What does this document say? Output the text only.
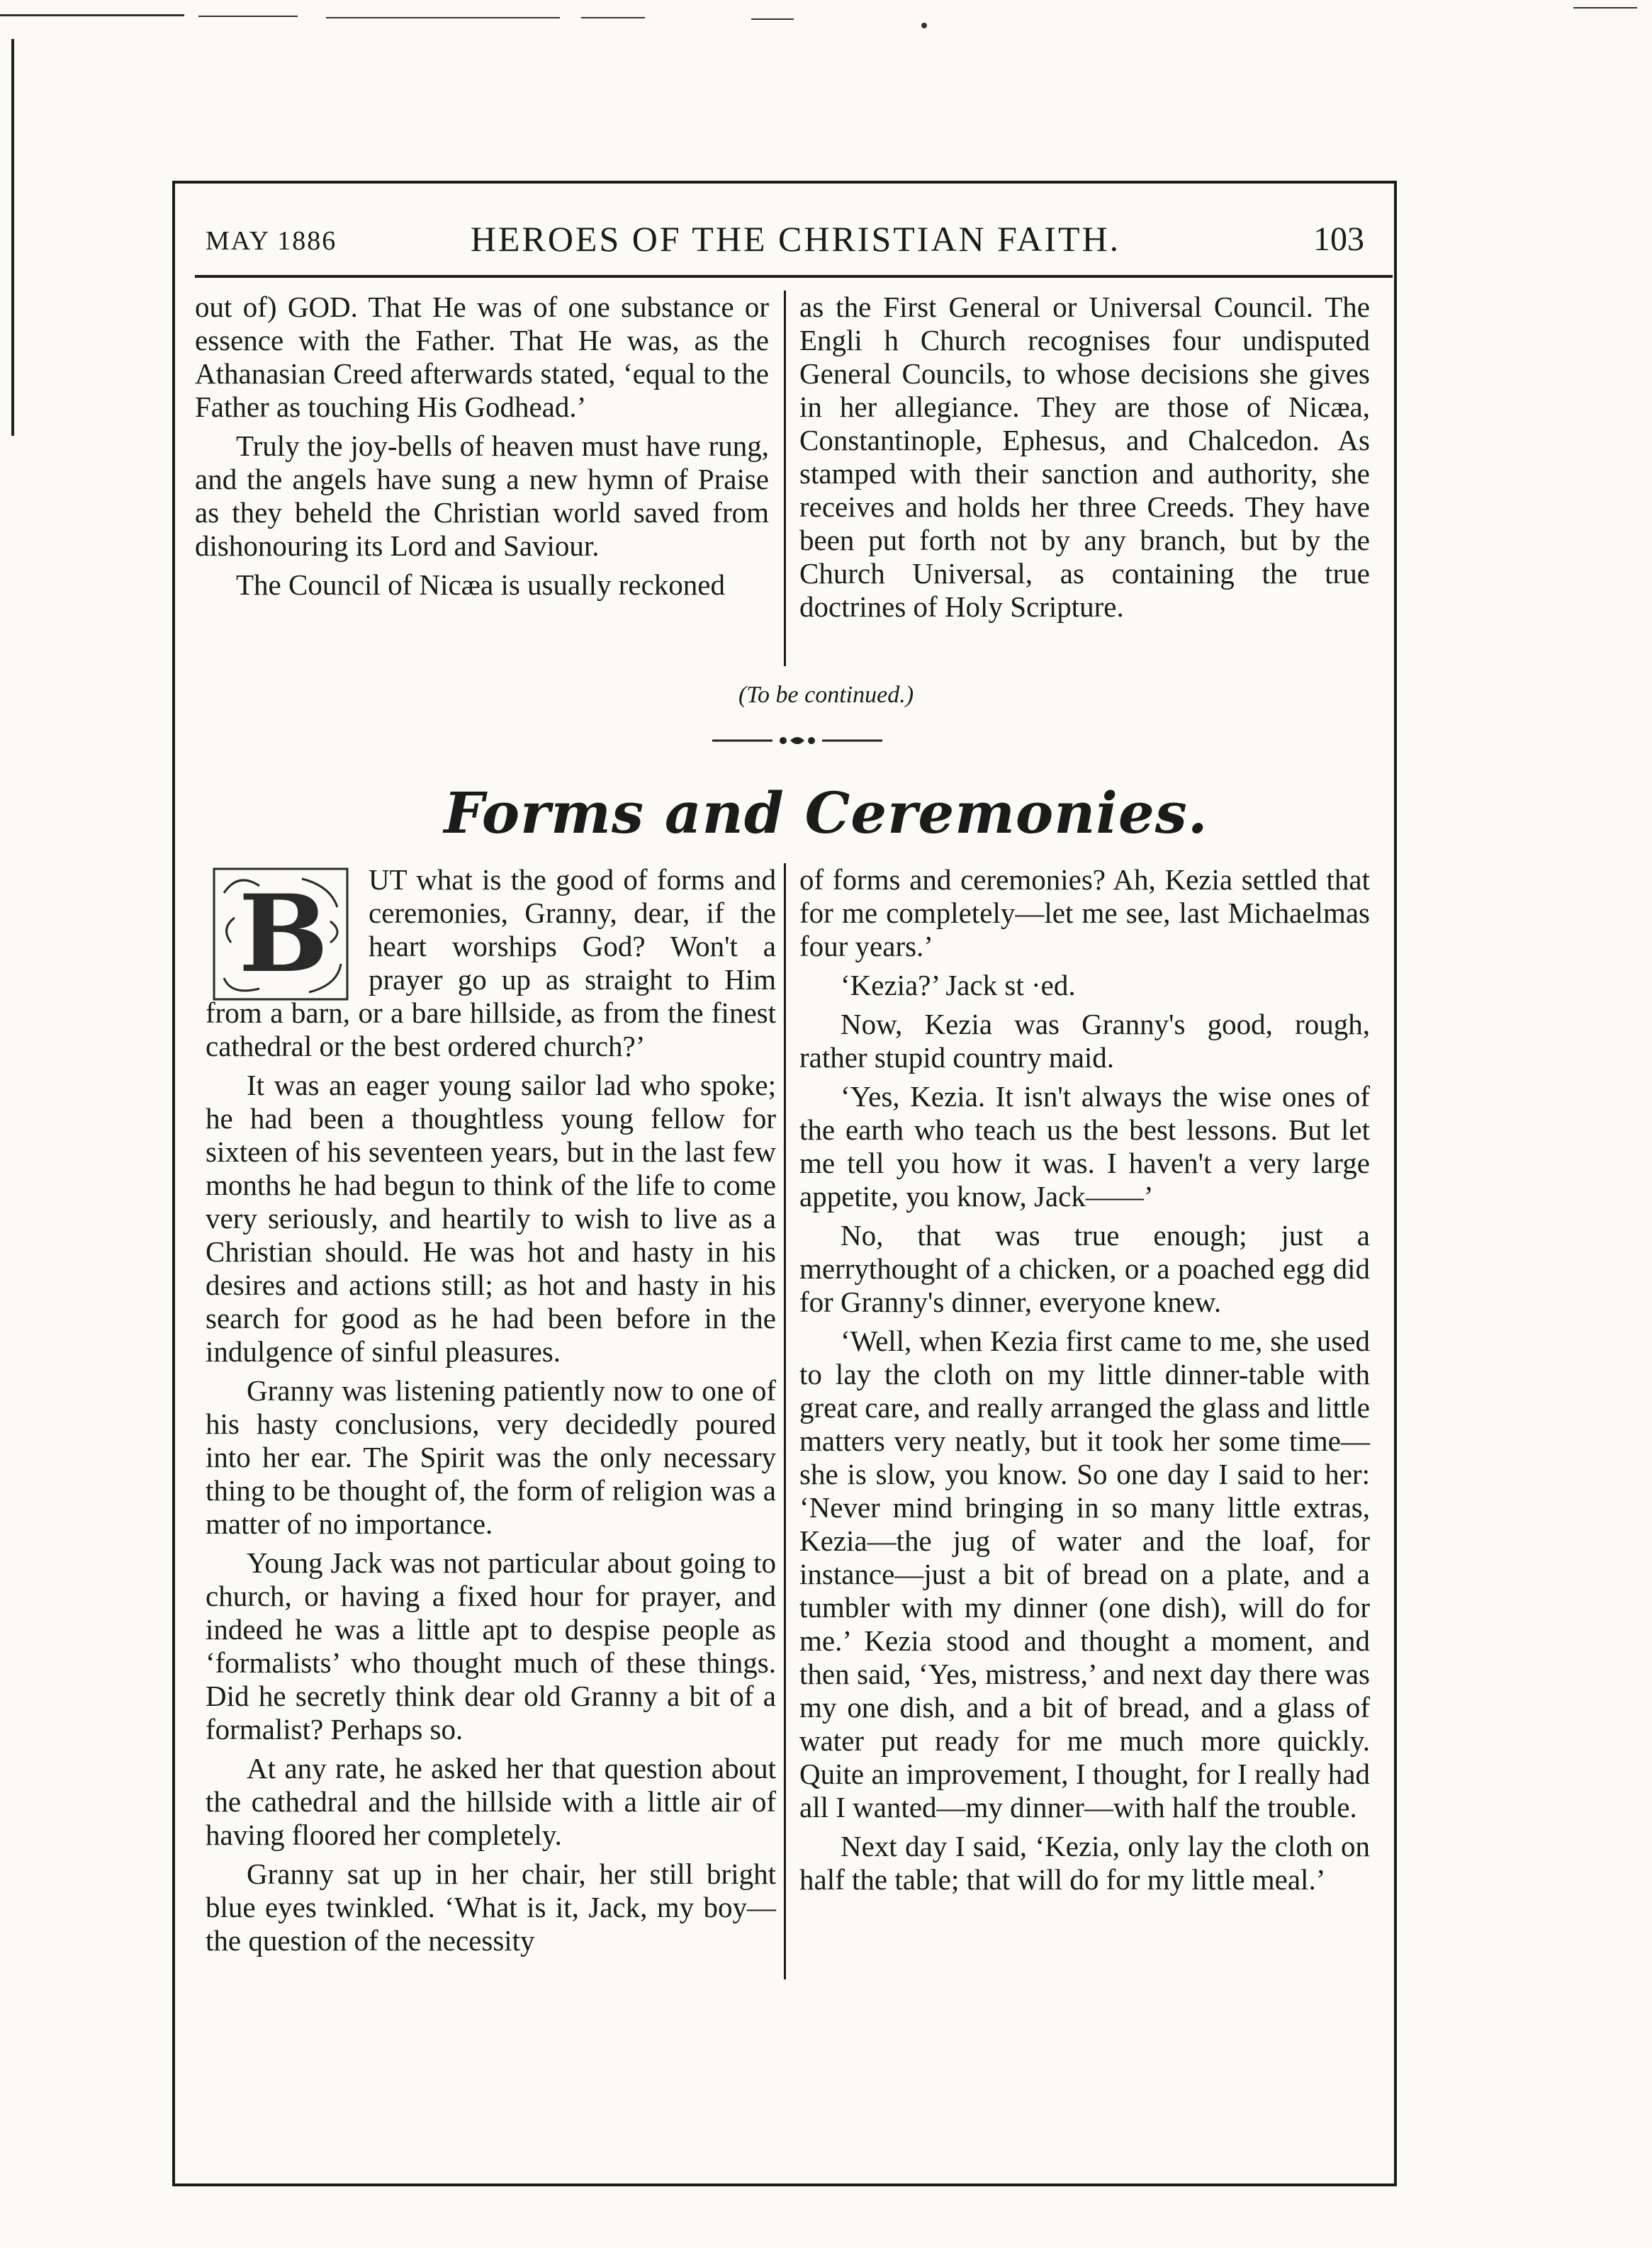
MAY 1886	HEROES OF THE CHRISTIAN FAITH.	103

out of) GOD. That He was of one substance or essence with the Father. That He was, as the Athanasian Creed afterwards stated, ‘equal to the Father as touching His Godhead.’

Truly the joy-bells of heaven must have rung, and the angels have sung a new hymn of Praise as they beheld the Christian world saved from dishonouring its Lord and Saviour.

The Council of Nicæa is usually reckoned

as the First General or Universal Council. The Engli h Church recognises four undisputed General Councils, to whose decisions she gives in her allegiance. They are those of Nicæa, Constantinople, Ephesus, and Chalcedon. As stamped with their sanction and authority, she receives and holds her three Creeds. They have been put forth not by any branch, but by the Church Universal, as containing the true doctrines of Holy Scripture.

(To be continued.)
Forms and Ceremonies.

UT what is the good of forms and ceremonies, Granny, dear, if the heart worships God? Won't a prayer go up as straight to Him from a barn, or a bare hillside, as from the finest cathedral or the best ordered church?’

It was an eager young sailor lad who spoke; he had been a thoughtless young fellow for sixteen of his seventeen years, but in the last few months he had begun to think of the life to come very seriously, and heartily to wish to live as a Christian should. He was hot and hasty in his desires and actions still; as hot and hasty in his search for good as he had been before in the indulgence of sinful pleasures.

Granny was listening patiently now to one of his hasty conclusions, very decidedly poured into her ear. The Spirit was the only necessary thing to be thought of, the form of religion was a matter of no importance.

Young Jack was not particular about going to church, or having a fixed hour for prayer, and indeed he was a little apt to despise people as ‘formalists’ who thought much of these things. Did he secretly think dear old Granny a bit of a formalist? Perhaps so.

At any rate, he asked her that question about the cathedral and the hillside with a little air of having floored her completely.

Granny sat up in her chair, her still bright blue eyes twinkled. ‘What is it, Jack, my boy—the question of the necessity

B	of forms and ceremonies? Ah, Kezia settled that for me completely—let me see, last Michaelmas four years.’

‘Kezia?’ Jack st ·ed.

Now, Kezia was Granny's good, rough, rather stupid country maid.

‘Yes, Kezia. It isn't always the wise ones of the earth who teach us the best lessons. But let me tell you how it was. I haven't a very large appetite, you know, Jack——’

No, that was true enough; just a merrythought of a chicken, or a poached egg did for Granny's dinner, everyone knew.

‘Well, when Kezia first came to me, she used to lay the cloth on my little dinner-table with great care, and really arranged the glass and little matters very neatly, but it took her some time—she is slow, you know. So one day I said to her: ‘Never mind bringing in so many little extras, Kezia—the jug of water and the loaf, for instance—just a bit of bread on a plate, and a tumbler with my dinner (one dish), will do for me.’ Kezia stood and thought a moment, and then said, ‘Yes, mistress,’ and next day there was my one dish, and a bit of bread, and a glass of water put ready for me much more quickly. Quite an improvement, I thought, for I really had all I wanted—my dinner—with half the trouble.

Next day I said, ‘Kezia, only lay the cloth on half the table; that will do for my little meal.’
